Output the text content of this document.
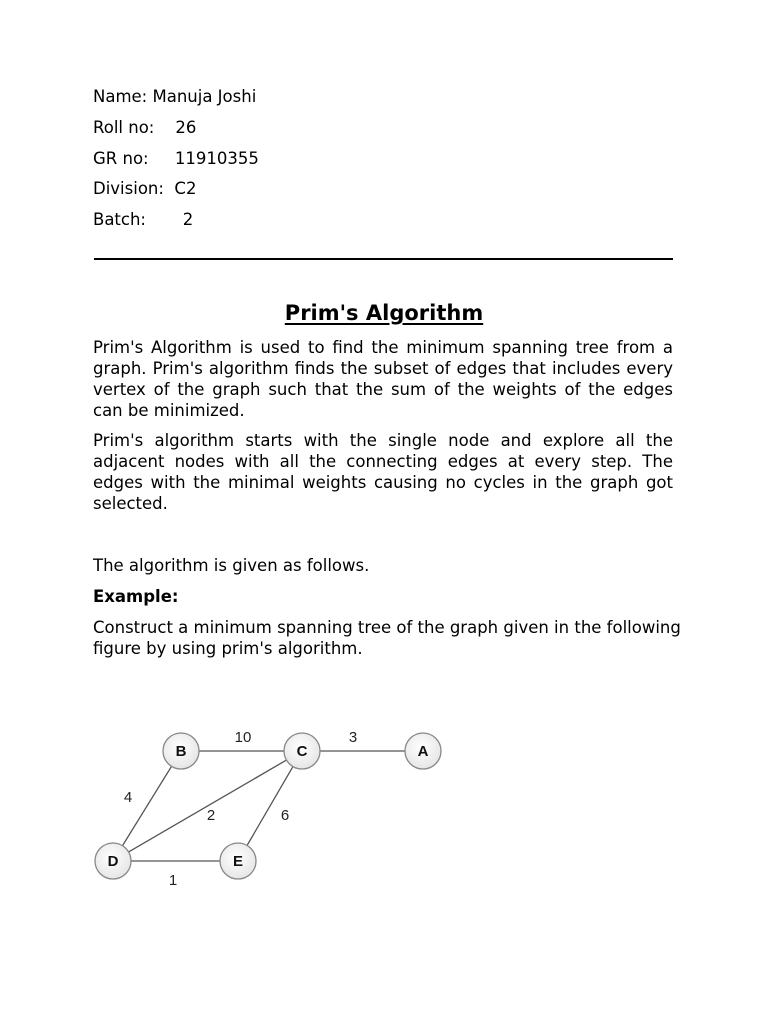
Name: Manuja Joshi

Roll no:    26

GR no:     11910355

Division:  C2

Batch:       2

Prim's Algorithm

Prim's Algorithm is used to find the minimum spanning tree from a graph. Prim's algorithm finds the subset of edges that includes every vertex of the graph such that the sum of the weights of the edges can be minimized.

Prim's algorithm starts with the single node and explore all the adjacent nodes with all the connecting edges at every step. The edges with the minimal weights causing no cycles in the graph got selected.

The algorithm is given as follows.

Example:

Construct a minimum spanning tree of the graph given in the following figure by using prim's algorithm.

10	3
4
2	6
1
B	C	A
D	E
